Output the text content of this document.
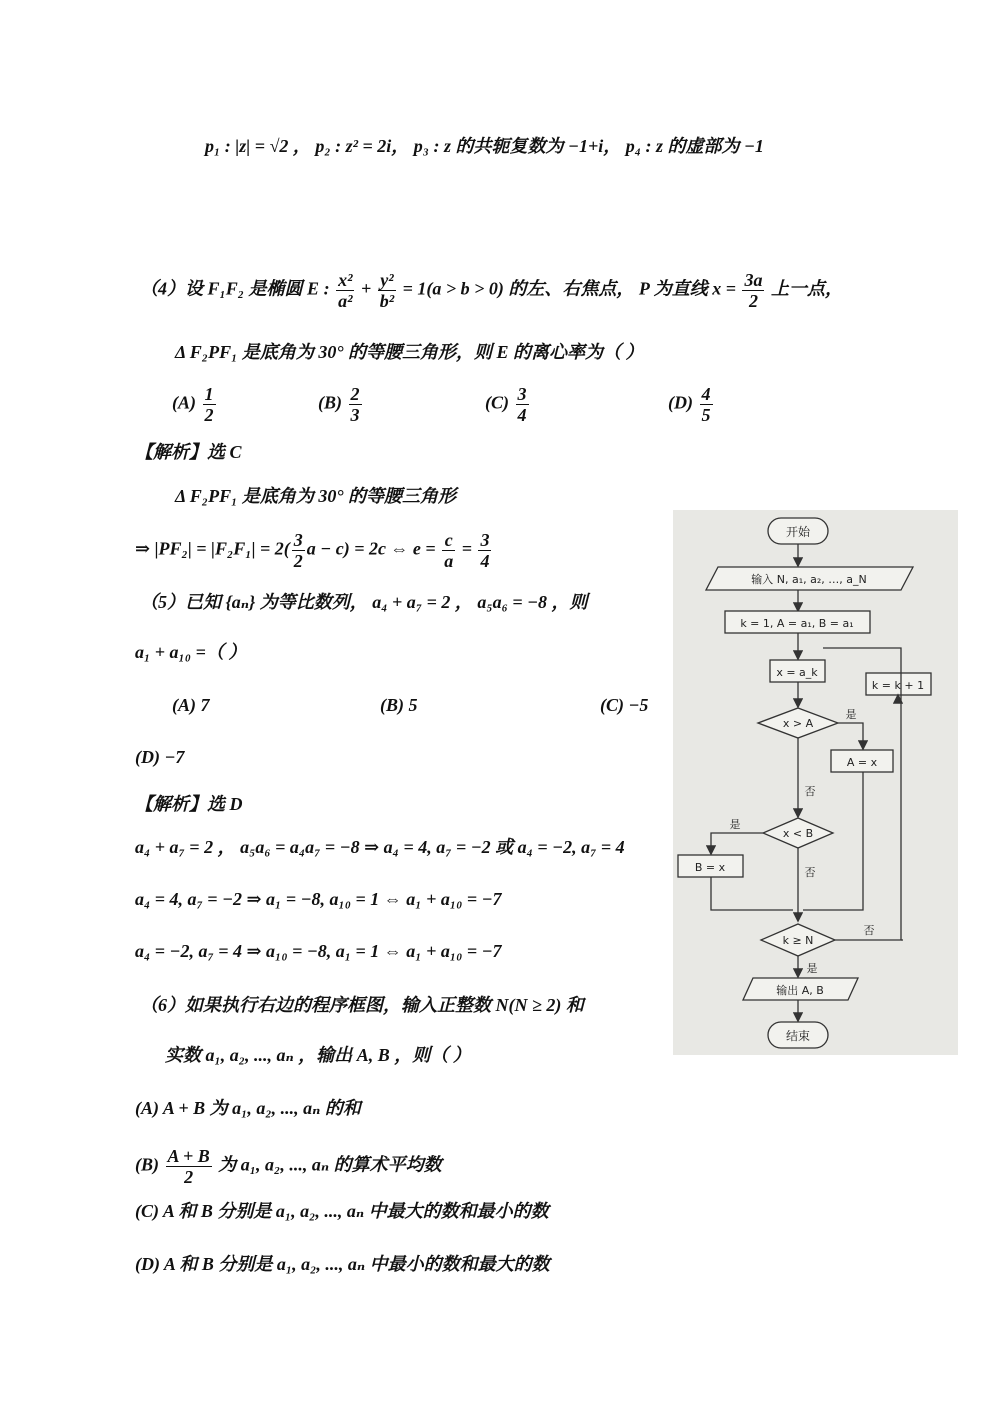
p₁ : |z| = √2 ， p₂ : z² = 2i， p₃ : z 的共轭复数为 −1+i， p₄ : z 的虚部为 −1
（4）设 F₁F₂ 是椭圆 E : $\frac{\text{x²}}{\text{a²}} + \frac{\text{y²}}{\text{b²}} = 1(a > b > 0)$ 的左、右焦点， P 为直线 $x = \frac{3a}{2}$ 上一点，
Δ F₂PF₁ 是底角为 30° 的等腰三角形，则 E 的离心率为（ ）
$(A) \frac{1}{2}$	$(B) \frac{2}{3}$	$(C) \frac{3}{4}$	$(D) \frac{4}{5}$
【解析】选 C
Δ F₂PF₁ 是底角为 30° 的等腰三角形
⇒ $|PF_2| = |F_2F_1| = 2( \frac{3}{2}$ a − c) = 2c ⇔ $e = \frac{c}{a} = \frac{3}{4}$
（5）已知 {aₙ} 为等比数列， a₄ + a₇ = 2 ， a₅a₆ = −8 ，则
a₁ + a₁₀ =（ ）
(A) 7	(B) 5	(C) −5
(D) −7
【解析】选 D
a₄ + a₇ = 2 ， a₅a₆ = a₄a₇ = −8 ⇒ a₄ = 4, a₇ = −2 或 a₄ = −2, a₇ = 4
a₄ = 4, a₇ = −2 ⇒ a₁ = −8, a₁₀ = 1 ⇔ a₁ + a₁₀ = −7
a₄ = −2, a₇ = 4 ⇒ a₁₀ = −8, a₁ = 1 ⇔ a₁ + a₁₀ = −7
（6）如果执行右边的程序框图，输入正整数 N(N ≥ 2) 和
实数 a₁, a₂, ..., aₙ ，输出 A, B ，则（ ）
(A) A + B 为 a₁, a₂, ..., aₙ 的和
$(B) \frac{A + B}{2}$ 为 a₁, a₂, ..., aₙ 的算术平均数
(C) A 和 B 分别是 a₁, a₂, ..., aₙ 中最大的数和最小的数
(D) A 和 B 分别是 a₁, a₂, ..., aₙ 中最小的数和最大的数
开始
输入 N, a₁, a₂, …, a_N
k = 1, A = a₁, B = a₁
x = a_k
k = k + 1
x > A
是
A = x
否
x < B
是
B = x	否
k ≥ N
否
是
输出 A, B
结束
